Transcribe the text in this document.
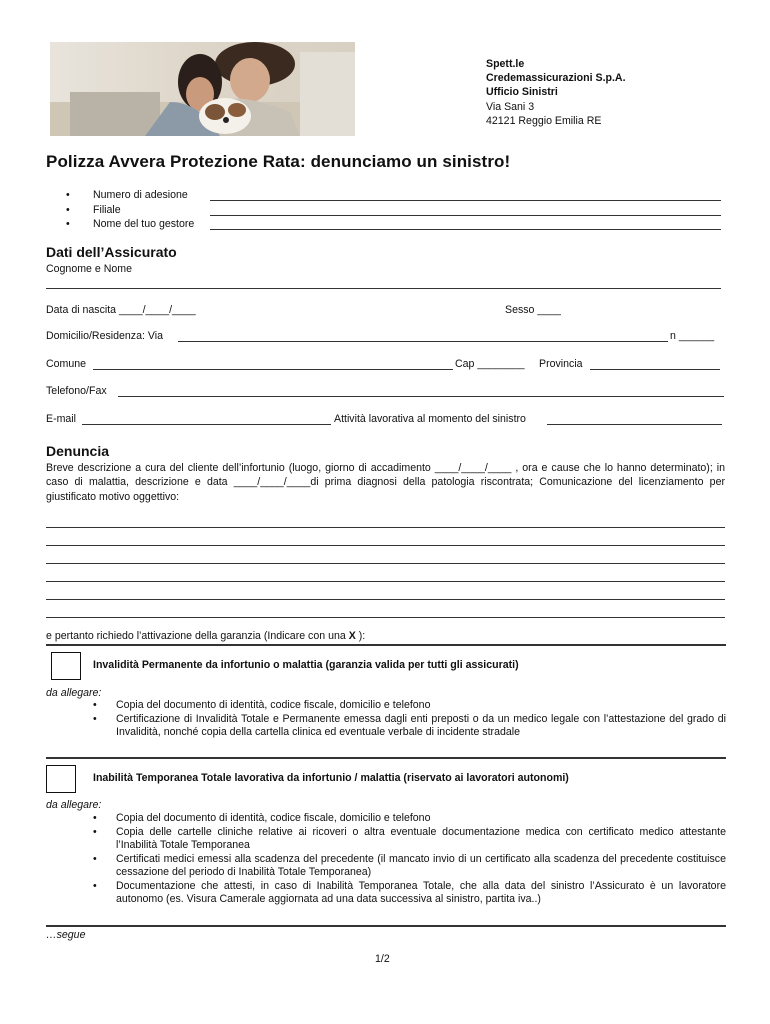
Spett.le
Credemassicurazioni S.p.A.
Ufficio Sinistri
Via Sani 3
42121 Reggio Emilia RE
Polizza Avvera Protezione Rata: denunciamo un sinistro!
• Numero di adesione
• Filiale
• Nome del tuo gestore
Dati dell’Assicurato
Cognome e Nome
Data di nascita ____/____/____	Sesso ____
Domicilio/Residenza: Via	n ______
Comune	Cap ________ Provincia
Telefono/Fax
E-mail	Attività lavorativa al momento del sinistro
Denuncia
Breve descrizione a cura del cliente dell’infortunio (luogo, giorno di accadimento ____/____/____ , ora e cause che lo hanno determinato); in caso di malattia, descrizione e data ____/____/____di prima diagnosi della patologia riscontrata; Comunicazione del licenziamento per giustificato motivo oggettivo:
e pertanto richiedo l’attivazione della garanzia (Indicare con una X ):
Invalidità Permanente da infortunio o malattia (garanzia valida per tutti gli assicurati)
da allegare:
• Copia del documento di identità, codice fiscale, domicilio e telefono
• Certificazione di Invalidità Totale e Permanente emessa dagli enti preposti o da un medico legale con l’attestazione del grado di Invalidità, nonché copia della cartella clinica ed eventuale verbale di incidente stradale
Inabilità Temporanea Totale lavorativa da infortunio / malattia (riservato ai lavoratori autonomi)
da allegare:
• Copia del documento di identità, codice fiscale, domicilio e telefono
• Copia delle cartelle cliniche relative ai ricoveri o altra eventuale documentazione medica con certificato medico attestante l’Inabilità Totale Temporanea
• Certificati medici emessi alla scadenza del precedente (il mancato invio di un certificato alla scadenza del precedente costituisce cessazione del periodo di Inabilità Totale Temporanea)
• Documentazione che attesti, in caso di Inabilità Temporanea Totale, che alla data del sinistro l’Assicurato è un lavoratore autonomo (es. Visura Camerale aggiornata ad una data successiva al sinistro, partita iva..)
…segue
1/2
